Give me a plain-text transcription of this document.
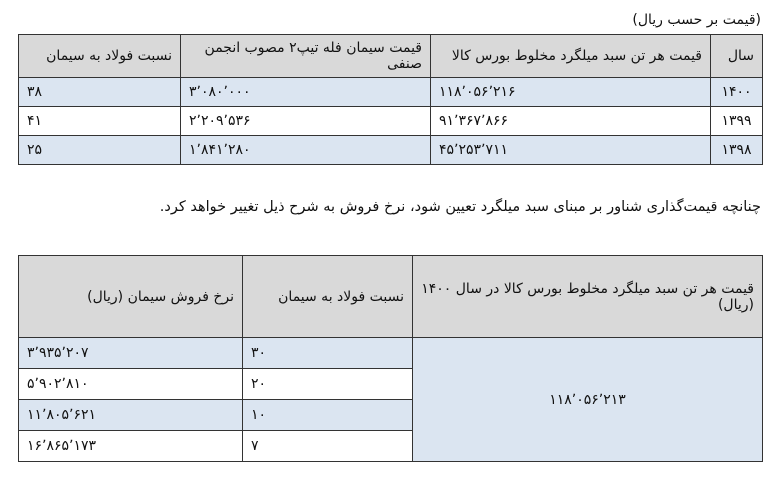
(قیمت بر حسب ریال)
سال	قیمت هر تن سبد میلگرد مخلوط بورس کالا	قیمت سیمان فله تیپ۲ مصوب انجمن صنفی	نسبت فولاد به سیمان
۱۴۰۰	۱۱۸٬۰۵۶٬۲۱۶	۳٬۰۸۰٬۰۰۰	۳۸
۱۳۹۹	۹۱٬۳۶۷٬۸۶۶	۲٬۲۰۹٬۵۳۶	۴۱
۱۳۹۸	۴۵٬۲۵۳٬۷۱۱	۱٬۸۴۱٬۲۸۰	۲۵
چنانچه قیمت‌گذاری شناور بر مبنای سبد میلگرد تعیین شود، نرخ فروش به شرح ذیل تغییر خواهد کرد.
قیمت هر تن سبد میلگرد مخلوط بورس کالا در سال ۱۴۰۰ (ریال)	نسبت فولاد به سیمان	نرخ فروش سیمان (ریال)
۱۱۸٬۰۵۶٬۲۱۳	۳۰	۳٬۹۳۵٬۲۰۷
	۲۰	۵٬۹۰۲٬۸۱۰
	۱۰	۱۱٬۸۰۵٬۶۲۱
	۷	۱۶٬۸۶۵٬۱۷۳
